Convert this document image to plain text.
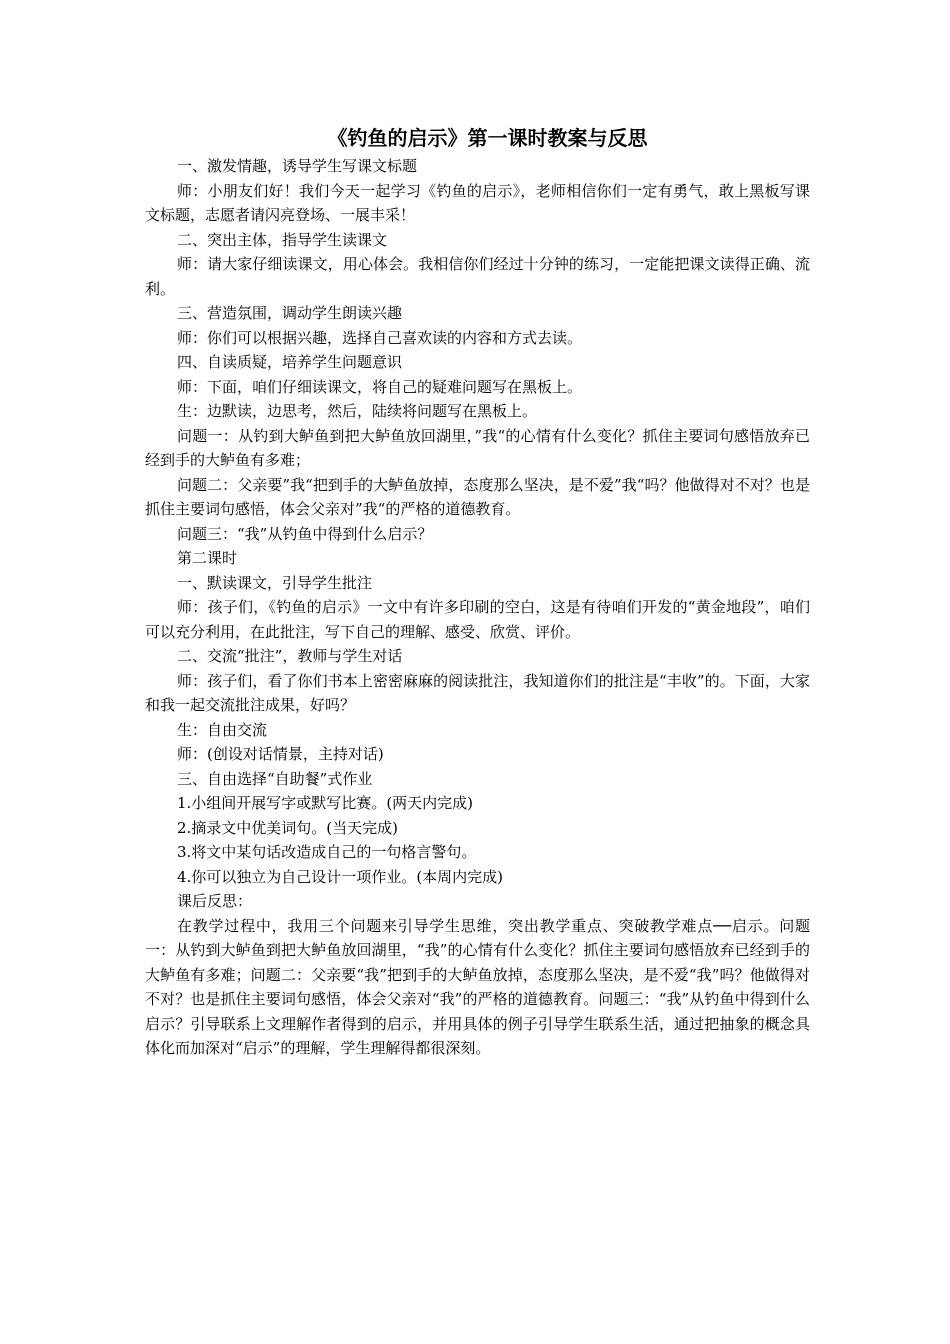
《钓鱼的启示》第一课时教案与反思

一、激发情趣，诱导学生写课文标题

师：小朋友们好！我们今天一起学习《钓鱼的启示》，老师相信你们一定有勇气，敢上黑板写课文标题，志愿者请闪亮登场、一展丰采！

二、突出主体，指导学生读课文

师：请大家仔细读课文，用心体会。我相信你们经过十分钟的练习，一定能把课文读得正确、流利。

三、营造氛围，调动学生朗读兴趣

师：你们可以根据兴趣，选择自己喜欢读的内容和方式去读。

四、自读质疑，培养学生问题意识

师：下面，咱们仔细读课文，将自己的疑难问题写在黑板上。

生：边默读，边思考，然后，陆续将问题写在黑板上。

问题一：从钓到大鲈鱼到把大鲈鱼放回湖里，”我“的心情有什么变化？抓住主要词句感悟放弃已经到手的大鲈鱼有多难；

问题二：父亲要”我“把到手的大鲈鱼放掉，态度那么坚决，是不爱”我“吗？他做得对不对？也是抓住主要词句感悟，体会父亲对”我“的严格的道德教育。

问题三：“我”从钓鱼中得到什么启示？

第二课时

一、默读课文，引导学生批注

师：孩子们，《钓鱼的启示》一文中有许多印刷的空白，这是有待咱们开发的“黄金地段”，咱们可以充分利用，在此批注，写下自己的理解、感受、欣赏、评价。

二、交流“批注”，教师与学生对话

师：孩子们，看了你们书本上密密麻麻的阅读批注，我知道你们的批注是“丰收”的。下面，大家和我一起交流批注成果，好吗？

生：自由交流

师：(创设对话情景，主持对话)

三、自由选择“自助餐”式作业

1.小组间开展写字或默写比赛。(两天内完成)

2.摘录文中优美词句。(当天完成)

3.将文中某句话改造成自己的一句格言警句。

4.你可以独立为自己设计一项作业。(本周内完成)

课后反思：

在教学过程中，我用三个问题来引导学生思维，突出教学重点、突破教学难点──启示。问题一：从钓到大鲈鱼到把大鲈鱼放回湖里，“我”的心情有什么变化？抓住主要词句感悟放弃已经到手的大鲈鱼有多难；问题二：父亲要“我”把到手的大鲈鱼放掉，态度那么坚决，是不爱“我”吗？他做得对不对？也是抓住主要词句感悟，体会父亲对“我”的严格的道德教育。问题三：“我”从钓鱼中得到什么启示？引导联系上文理解作者得到的启示，并用具体的例子引导学生联系生活，通过把抽象的概念具体化而加深对“启示”的理解，学生理解得都很深刻。
